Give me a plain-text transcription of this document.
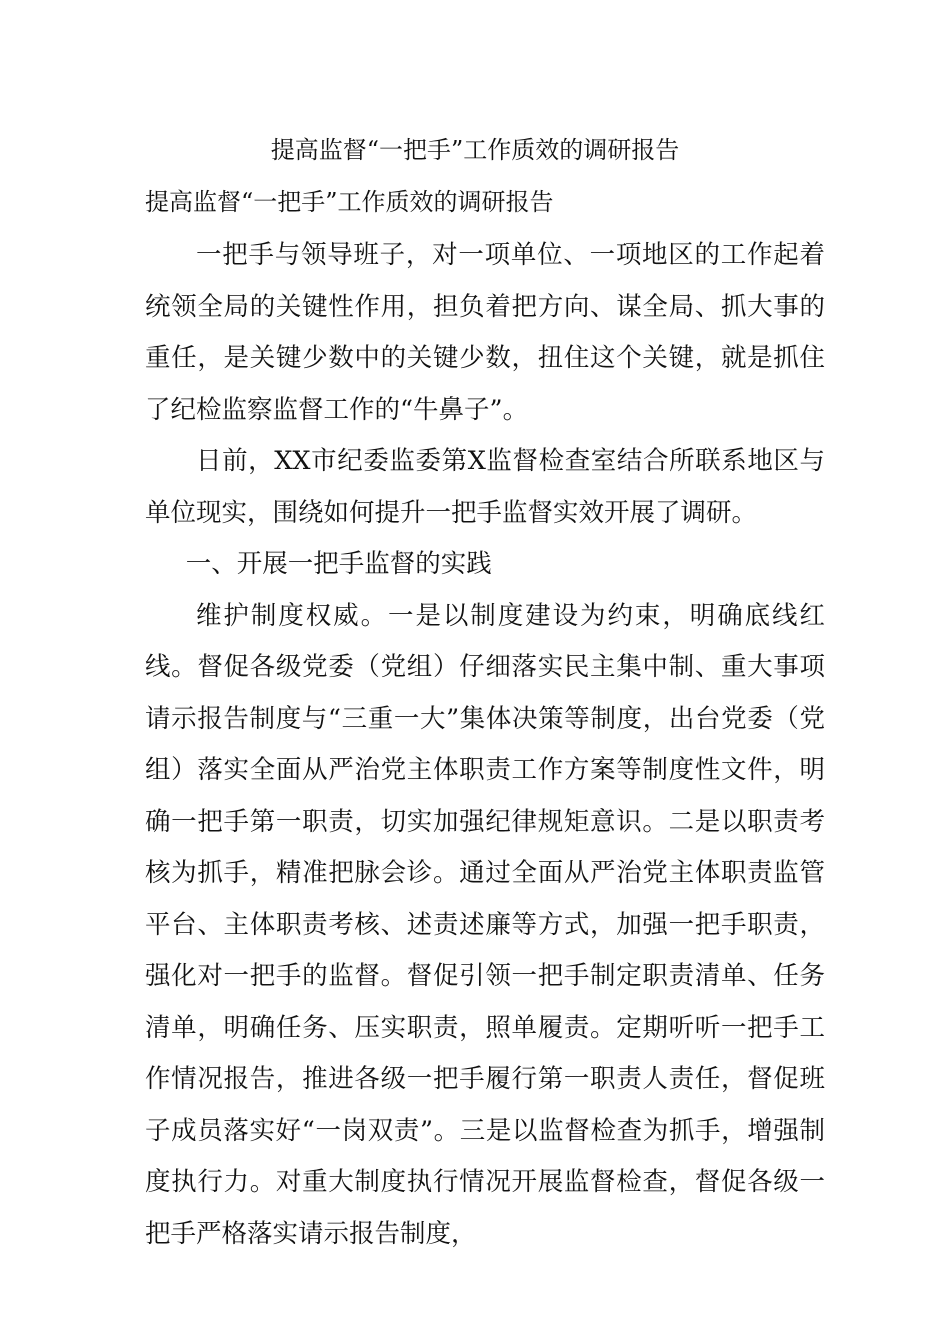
提高监督“一把手”工作质效的调研报告

提高监督“一把手”工作质效的调研报告

一把手与领导班子，对一项单位、一项地区的工作起着统领全局的关键性作用，担负着把方向、谋全局、抓大事的重任，是关键少数中的关键少数，扭住这个关键，就是抓住了纪检监察监督工作的“牛鼻子”。

日前，XX市纪委监委第X监督检查室结合所联系地区与单位现实，围绕如何提升一把手监督实效开展了调研。

一、开展一把手监督的实践

维护制度权威。一是以制度建设为约束，明确底线红线。督促各级党委（党组）仔细落实民主集中制、重大事项请示报告制度与“三重一大”集体决策等制度，出台党委（党组）落实全面从严治党主体职责工作方案等制度性文件，明确一把手第一职责，切实加强纪律规矩意识。二是以职责考核为抓手，精准把脉会诊。通过全面从严治党主体职责监管平台、主体职责考核、述责述廉等方式，加强一把手职责，强化对一把手的监督。督促引领一把手制定职责清单、任务清单，明确任务、压实职责，照单履责。定期听听一把手工作情况报告，推进各级一把手履行第一职责人责任，督促班子成员落实好“一岗双责”。三是以监督检查为抓手，增强制度执行力。对重大制度执行情况开展监督检查，督促各级一把手严格落实请示报告制度，
